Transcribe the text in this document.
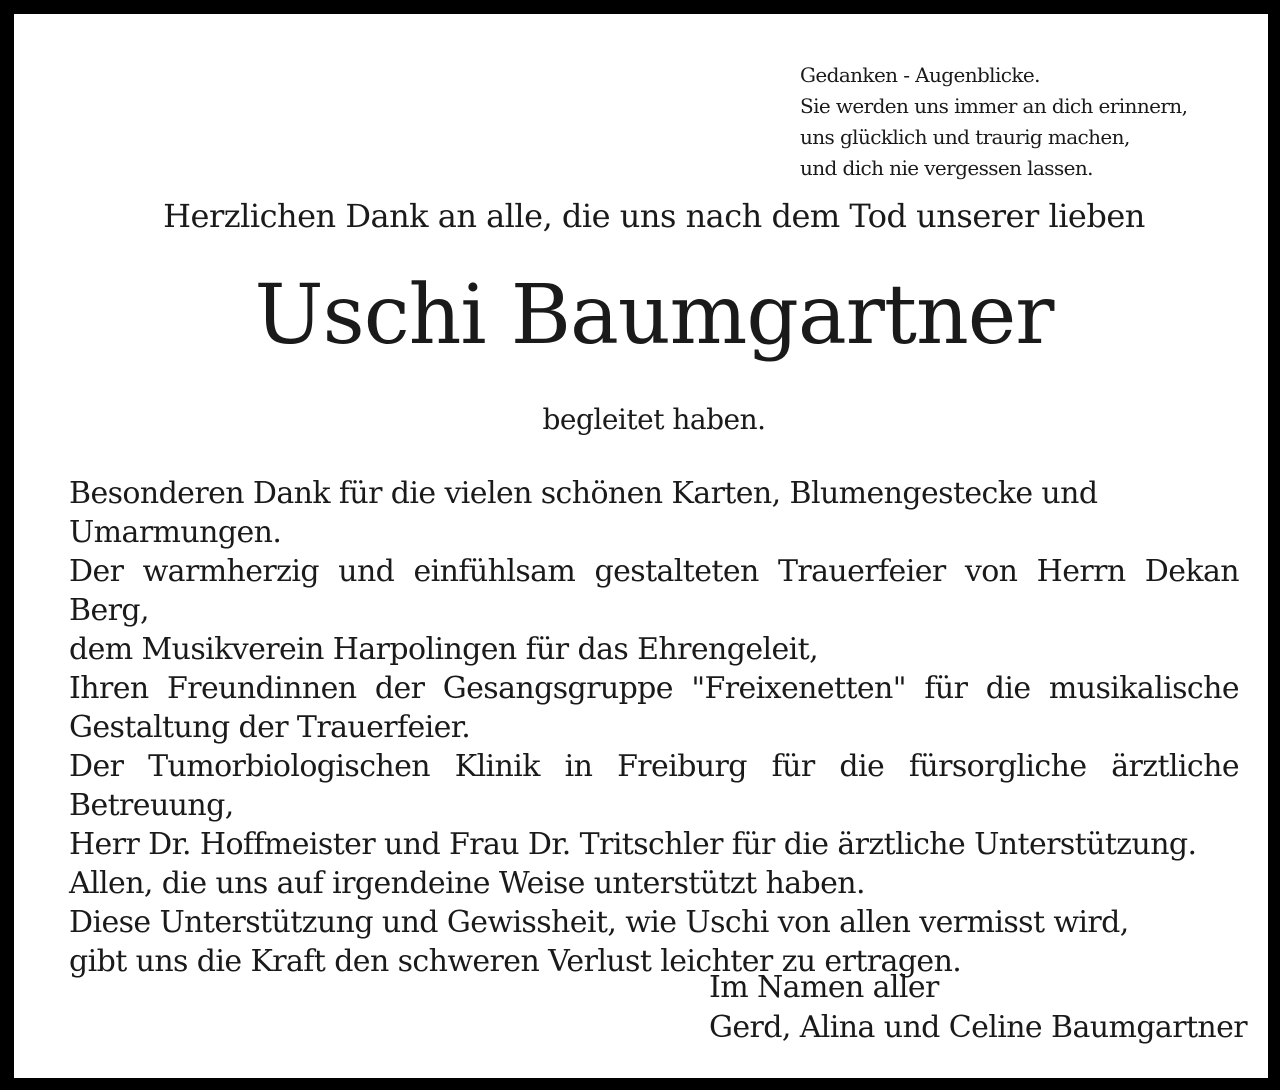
Gedanken - Augenblicke.
Sie werden uns immer an dich erinnern,
uns glücklich und traurig machen,
und dich nie vergessen lassen.
Herzlichen Dank an alle, die uns nach dem Tod unserer lieben
Uschi Baumgartner
begleitet haben.
Besonderen Dank für die vielen schönen Karten, Blumengestecke und
Umarmungen.
Der warmherzig und einfühlsam gestalteten Trauerfeier von Herrn Dekan Berg,
dem Musikverein Harpolingen für das Ehrengeleit,
Ihren Freundinnen der Gesangsgruppe "Freixenetten" für die musikalische
Gestaltung der Trauerfeier.
Der Tumorbiologischen Klinik in Freiburg für die fürsorgliche ärztliche
Betreuung,
Herr Dr. Hoffmeister und Frau Dr. Tritschler für die ärztliche Unterstützung.
Allen, die uns auf irgendeine Weise unterstützt haben.
Diese Unterstützung und Gewissheit, wie Uschi von allen vermisst wird,
gibt uns die Kraft den schweren Verlust leichter zu ertragen.
Im Namen aller
Gerd, Alina und Celine Baumgartner
